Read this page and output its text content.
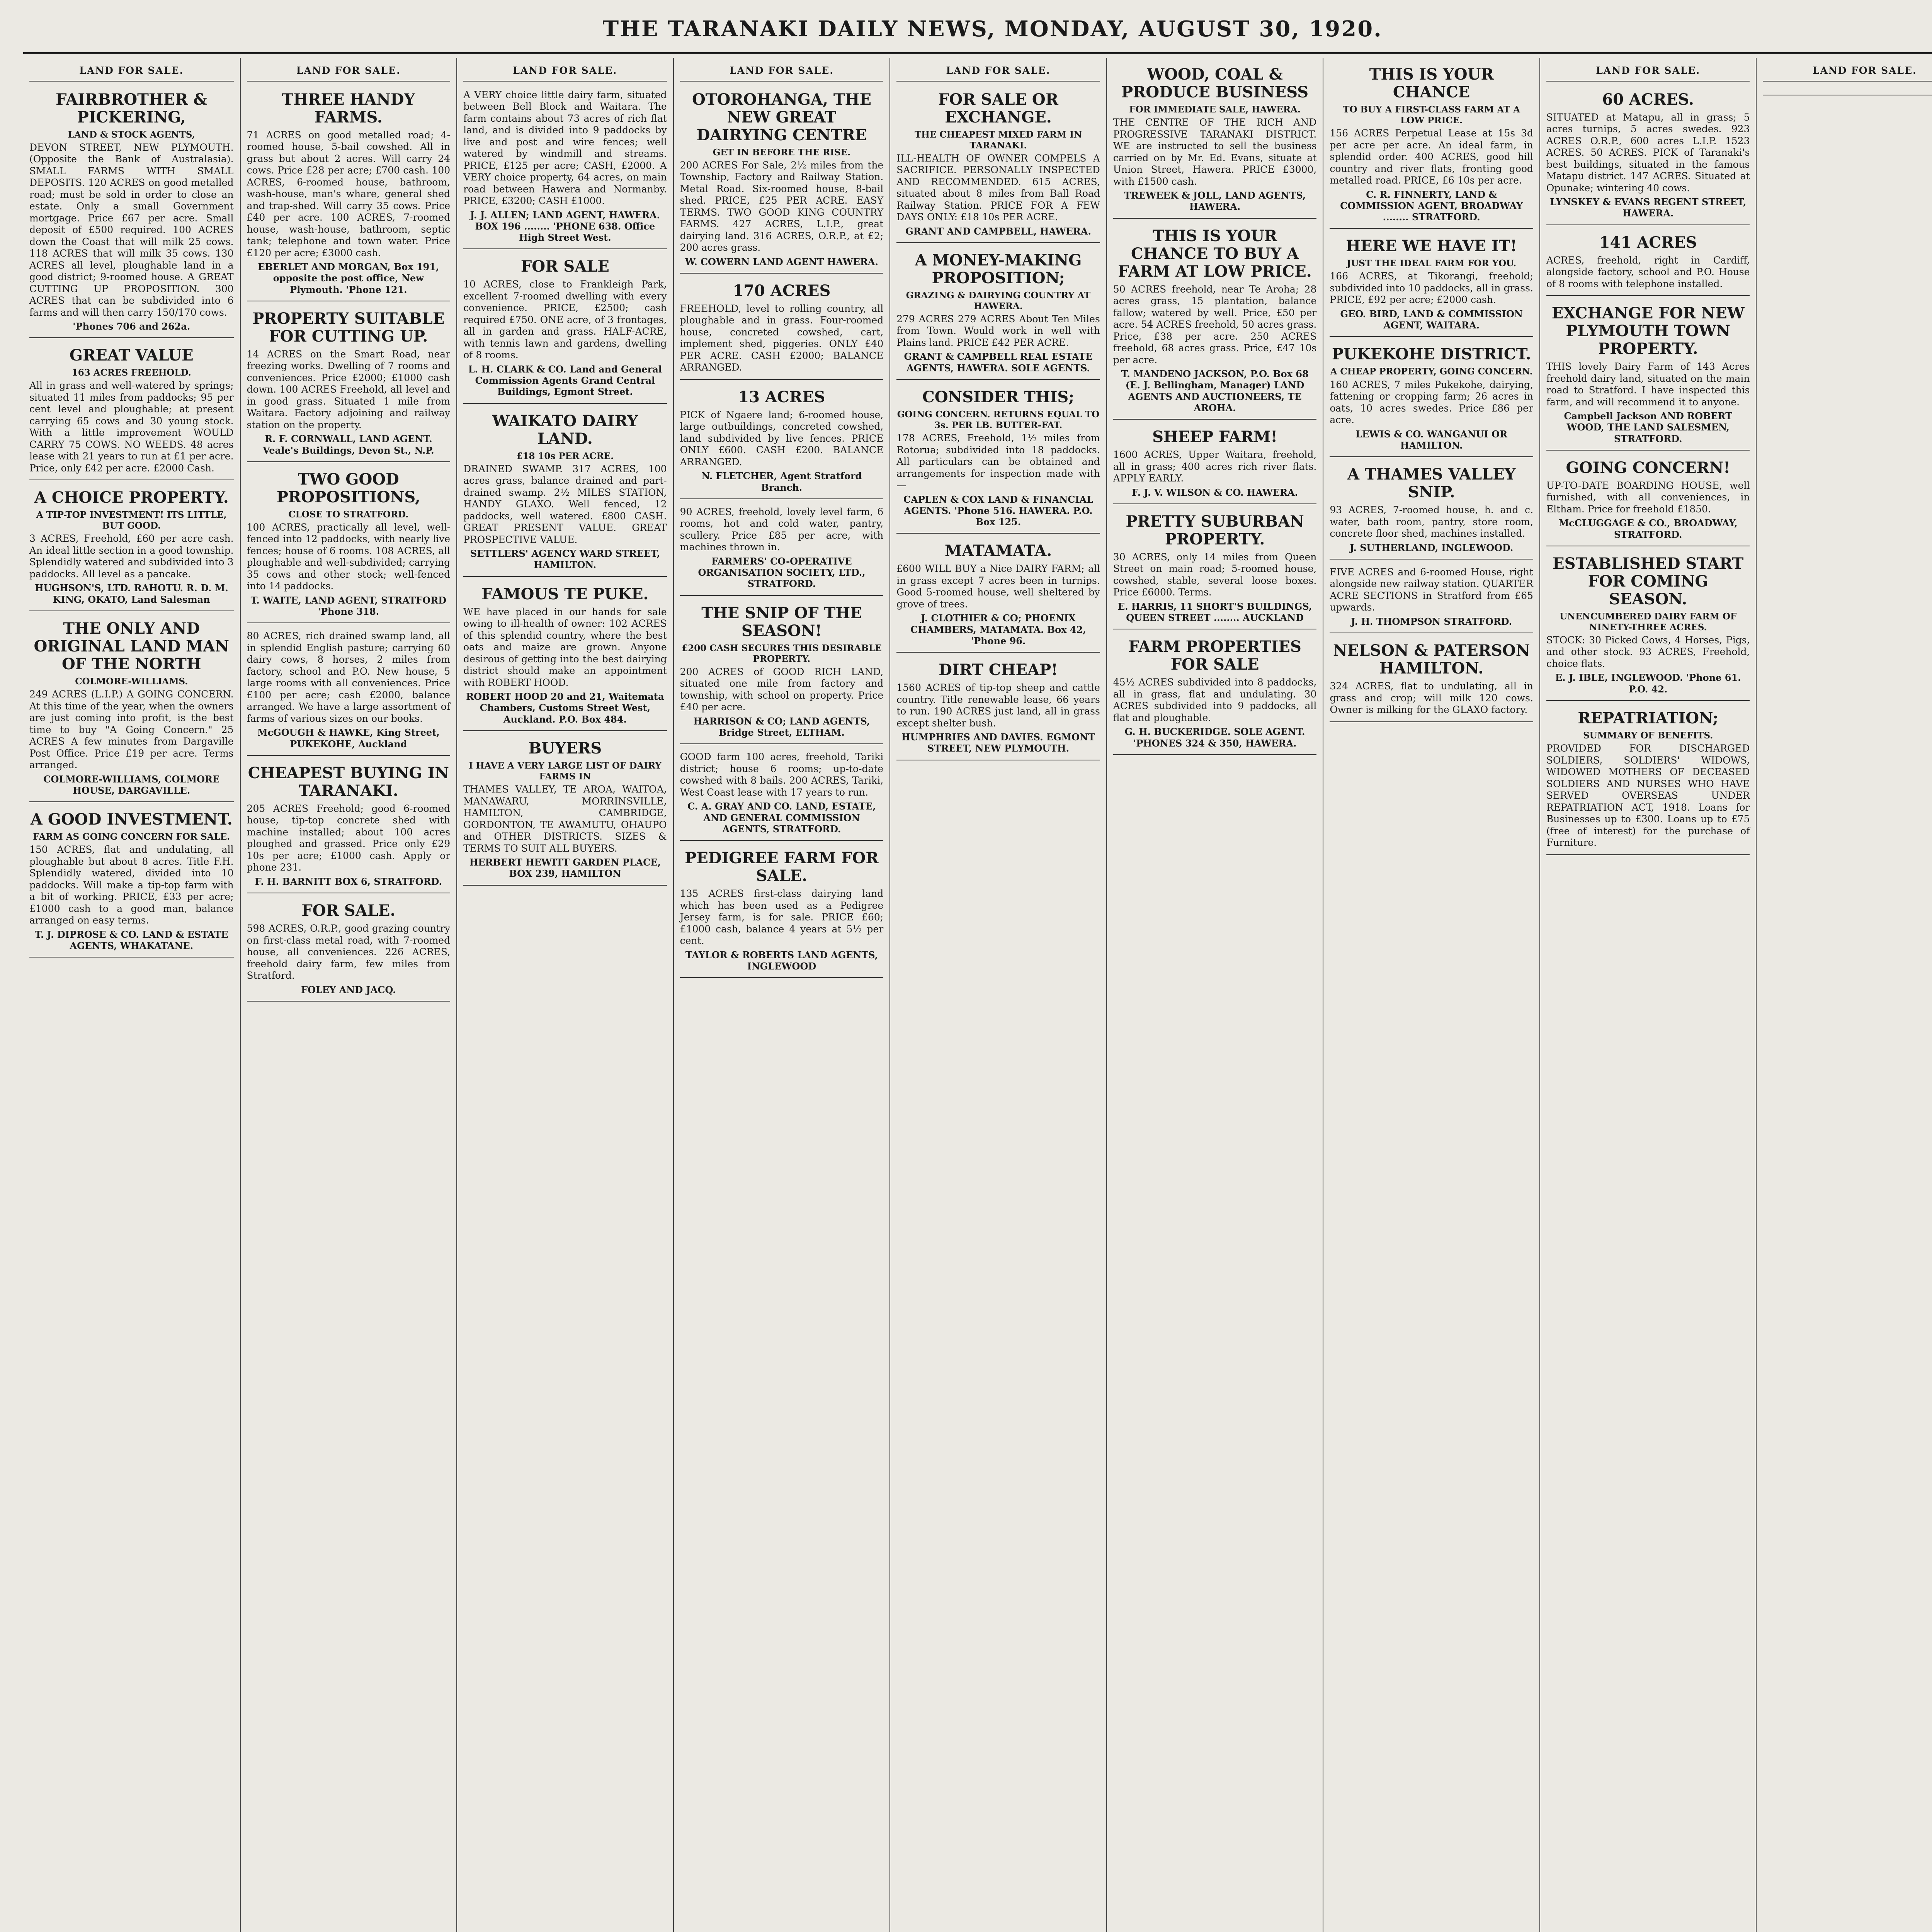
THE TARANAKI DAILY NEWS, MONDAY, AUGUST 30, 1920.
LAND FOR SALE.
FAIRBROTHER & PICKERING,
LAND & STOCK AGENTS,
DEVON STREET, NEW PLYMOUTH. (Opposite the Bank of Australasia). SMALL FARMS WITH SMALL DEPOSITS. 120 ACRES on good metalled road; must be sold in order to close an estate. Only a small Government mortgage. Price £67 per acre. Small deposit of £500 required. 100 ACRES down the Coast that will milk 25 cows. 118 ACRES that will milk 35 cows. 130 ACRES all level, ploughable land in a good district; 9-roomed house. A GREAT CUTTING UP PROPOSITION. 300 ACRES that can be subdivided into 6 farms and will then carry 150/170 cows.
'Phones 706 and 262a.
GREAT VALUE
163 ACRES FREEHOLD.
All in grass and well-watered by springs; situated 11 miles from paddocks; 95 per cent level and ploughable; at present carrying 65 cows and 30 young stock. With a little improvement WOULD CARRY 75 COWS. NO WEEDS. 48 acres lease with 21 years to run at £1 per acre. Price, only £42 per acre. £2000 Cash.
A CHOICE PROPERTY.
A TIP-TOP INVESTMENT! ITS LITTLE, BUT GOOD.
3 ACRES, Freehold, £60 per acre cash. An ideal little section in a good township. Splendidly watered and subdivided into 3 paddocks. All level as a pancake.
HUGHSON'S, LTD. RAHOTU. R. D. M. KING, OKATO, Land Salesman
THE ONLY AND ORIGINAL LAND MAN OF THE NORTH
COLMORE-WILLIAMS.
249 ACRES (L.I.P.) A GOING CONCERN. At this time of the year, when the owners are just coming into profit, is the best time to buy "A Going Concern." 25 ACRES A few minutes from Dargaville Post Office. Price £19 per acre. Terms arranged.
COLMORE-WILLIAMS, COLMORE HOUSE, DARGAVILLE.
A GOOD INVESTMENT.
FARM AS GOING CONCERN FOR SALE.
150 ACRES, flat and undulating, all ploughable but about 8 acres. Title F.H. Splendidly watered, divided into 10 paddocks. Will make a tip-top farm with a bit of working. PRICE, £33 per acre; £1000 cash to a good man, balance arranged on easy terms.
T. J. DIPROSE & CO. LAND & ESTATE AGENTS, WHAKATANE.
LAND FOR SALE.
THREE HANDY FARMS.
71 ACRES on good metalled road; 4-roomed house, 5-bail cowshed. All in grass but about 2 acres. Will carry 24 cows. Price £28 per acre; £700 cash. 100 ACRES, 6-roomed house, bathroom, wash-house, man's whare, general shed and trap-shed. Will carry 35 cows. Price £40 per acre. 100 ACRES, 7-roomed house, wash-house, bathroom, septic tank; telephone and town water. Price £120 per acre; £3000 cash.
EBERLET AND MORGAN, Box 191, opposite the post office, New Plymouth. 'Phone 121.
PROPERTY SUITABLE FOR CUTTING UP.
14 ACRES on the Smart Road, near freezing works. Dwelling of 7 rooms and conveniences. Price £2000; £1000 cash down. 100 ACRES Freehold, all level and in good grass. Situated 1 mile from Waitara. Factory adjoining and railway station on the property.
R. F. CORNWALL, LAND AGENT. Veale's Buildings, Devon St., N.P.
TWO GOOD PROPOSITIONS,
CLOSE TO STRATFORD.
100 ACRES, practically all level, well-fenced into 12 paddocks, with nearly live fences; house of 6 rooms. 108 ACRES, all ploughable and well-subdivided; carrying 35 cows and other stock; well-fenced into 14 paddocks.
T. WAITE, LAND AGENT, STRATFORD 'Phone 318.
80 ACRES, rich drained swamp land, all in splendid English pasture; carrying 60 dairy cows, 8 horses, 2 miles from factory, school and P.O. New house, 5 large rooms with all conveniences. Price £100 per acre; cash £2000, balance arranged. We have a large assortment of farms of various sizes on our books.
McGOUGH & HAWKE, King Street, PUKEKOHE, Auckland
CHEAPEST BUYING IN TARANAKI.
205 ACRES Freehold; good 6-roomed house, tip-top concrete shed with machine installed; about 100 acres ploughed and grassed. Price only £29 10s per acre; £1000 cash. Apply or phone 231.
F. H. BARNITT BOX 6, STRATFORD.
FOR SALE.
598 ACRES, O.R.P., good grazing country on first-class metal road, with 7-roomed house, all conveniences. 226 ACRES, freehold dairy farm, few miles from Stratford.
FOLEY AND JACQ.
LAND FOR SALE.
A VERY choice little dairy farm, situated between Bell Block and Waitara. The farm contains about 73 acres of rich flat land, and is divided into 9 paddocks by live and post and wire fences; well watered by windmill and streams. PRICE, £125 per acre; CASH, £2000. A VERY choice property, 64 acres, on main road between Hawera and Normanby. PRICE, £3200; CASH £1000.
J. J. ALLEN; LAND AGENT, HAWERA. BOX 196 ........ 'PHONE 638. Office High Street West.
FOR SALE
10 ACRES, close to Frankleigh Park, excellent 7-roomed dwelling with every convenience. PRICE, £2500; cash required £750. ONE acre, of 3 frontages, all in garden and grass. HALF-ACRE, with tennis lawn and gardens, dwelling of 8 rooms.
L. H. CLARK & CO. Land and General Commission Agents Grand Central Buildings, Egmont Street.
WAIKATO DAIRY LAND.
£18 10s PER ACRE.
DRAINED SWAMP. 317 ACRES, 100 acres grass, balance drained and part-drained swamp. 2½ MILES STATION, HANDY GLAXO. Well fenced, 12 paddocks, well watered. £800 CASH. GREAT PRESENT VALUE. GREAT PROSPECTIVE VALUE.
SETTLERS' AGENCY WARD STREET, HAMILTON.
FAMOUS TE PUKE.
WE have placed in our hands for sale owing to ill-health of owner: 102 ACRES of this splendid country, where the best oats and maize are grown. Anyone desirous of getting into the best dairying district should make an appointment with ROBERT HOOD.
ROBERT HOOD 20 and 21, Waitemata Chambers, Customs Street West, Auckland. P.O. Box 484.
BUYERS
I HAVE A VERY LARGE LIST OF DAIRY FARMS IN
THAMES VALLEY, TE AROA, WAITOA, MANAWARU, MORRINSVILLE, HAMILTON, CAMBRIDGE, GORDONTON, TE AWAMUTU, OHAUPO and OTHER DISTRICTS. SIZES & TERMS TO SUIT ALL BUYERS.
HERBERT HEWITT GARDEN PLACE, BOX 239, HAMILTON
LAND FOR SALE.
OTOROHANGA, THE NEW GREAT DAIRYING CENTRE
GET IN BEFORE THE RISE.
200 ACRES For Sale, 2½ miles from the Township, Factory and Railway Station. Metal Road. Six-roomed house, 8-bail shed. PRICE, £25 PER ACRE. EASY TERMS. TWO GOOD KING COUNTRY FARMS. 427 ACRES, L.I.P., great dairying land. 316 ACRES, O.R.P., at £2; 200 acres grass.
W. COWERN LAND AGENT HAWERA.
170 ACRES
FREEHOLD, level to rolling country, all ploughable and in grass. Four-roomed house, concreted cowshed, cart, implement shed, piggeries. ONLY £40 PER ACRE. CASH £2000; BALANCE ARRANGED.
13 ACRES
PICK of Ngaere land; 6-roomed house, large outbuildings, concreted cowshed, land subdivided by live fences. PRICE ONLY £600. CASH £200. BALANCE ARRANGED.
N. FLETCHER, Agent Stratford Branch.
90 ACRES, freehold, lovely level farm, 6 rooms, hot and cold water, pantry, scullery. Price £85 per acre, with machines thrown in.
FARMERS' CO-OPERATIVE ORGANISATION SOCIETY, LTD., STRATFORD.
THE SNIP OF THE SEASON!
£200 CASH SECURES THIS DESIRABLE PROPERTY.
200 ACRES of GOOD RICH LAND, situated one mile from factory and township, with school on property. Price £40 per acre.
HARRISON & CO; LAND AGENTS, Bridge Street, ELTHAM.
GOOD farm 100 acres, freehold, Tariki district; house 6 rooms; up-to-date cowshed with 8 bails. 200 ACRES, Tariki, West Coast lease with 17 years to run.
C. A. GRAY AND CO. LAND, ESTATE, AND GENERAL COMMISSION AGENTS, STRATFORD.
PEDIGREE FARM FOR SALE.
135 ACRES first-class dairying land which has been used as a Pedigree Jersey farm, is for sale. PRICE £60; £1000 cash, balance 4 years at 5½ per cent.
TAYLOR & ROBERTS LAND AGENTS, INGLEWOOD
LAND FOR SALE.
FOR SALE OR EXCHANGE.
THE CHEAPEST MIXED FARM IN TARANAKI.
ILL-HEALTH OF OWNER COMPELS A SACRIFICE. PERSONALLY INSPECTED AND RECOMMENDED. 615 ACRES, situated about 8 miles from Ball Road Railway Station. PRICE FOR A FEW DAYS ONLY: £18 10s PER ACRE.
GRANT AND CAMPBELL, HAWERA.
A MONEY-MAKING PROPOSITION;
GRAZING & DAIRYING COUNTRY AT HAWERA.
279 ACRES 279 ACRES About Ten Miles from Town. Would work in well with Plains land. PRICE £42 PER ACRE.
GRANT & CAMPBELL REAL ESTATE AGENTS, HAWERA. SOLE AGENTS.
CONSIDER THIS;
GOING CONCERN. RETURNS EQUAL TO 3s. PER LB. BUTTER-FAT.
178 ACRES, Freehold, 1½ miles from Rotorua; subdivided into 18 paddocks. All particulars can be obtained and arrangements for inspection made with—
CAPLEN & COX LAND & FINANCIAL AGENTS. 'Phone 516. HAWERA. P.O. Box 125.
MATAMATA.
£600 WILL BUY a Nice DAIRY FARM; all in grass except 7 acres been in turnips. Good 5-roomed house, well sheltered by grove of trees.
J. CLOTHIER & CO; PHOENIX CHAMBERS, MATAMATA. Box 42, 'Phone 96.
DIRT CHEAP!
1560 ACRES of tip-top sheep and cattle country. Title renewable lease, 66 years to run. 190 ACRES just land, all in grass except shelter bush.
HUMPHRIES AND DAVIES. EGMONT STREET, NEW PLYMOUTH.
WOOD, COAL & PRODUCE BUSINESS
FOR IMMEDIATE SALE, HAWERA.
THE CENTRE OF THE RICH AND PROGRESSIVE TARANAKI DISTRICT. WE are instructed to sell the business carried on by Mr. Ed. Evans, situate at Union Street, Hawera. PRICE £3000, with £1500 cash.
TREWEEK & JOLL, LAND AGENTS, HAWERA.
THIS IS YOUR CHANCE TO BUY A FARM AT LOW PRICE.
50 ACRES freehold, near Te Aroha; 28 acres grass, 15 plantation, balance fallow; watered by well. Price, £50 per acre. 54 ACRES freehold, 50 acres grass. Price, £38 per acre. 250 ACRES freehold, 68 acres grass. Price, £47 10s per acre.
T. MANDENO JACKSON, P.O. Box 68 (E. J. Bellingham, Manager) LAND AGENTS AND AUCTIONEERS, TE AROHA.
SHEEP FARM!
1600 ACRES, Upper Waitara, freehold, all in grass; 400 acres rich river flats. APPLY EARLY.
F. J. V. WILSON & CO. HAWERA.
PRETTY SUBURBAN PROPERTY.
30 ACRES, only 14 miles from Queen Street on main road; 5-roomed house, cowshed, stable, several loose boxes. Price £6000. Terms.
E. HARRIS, 11 SHORT'S BUILDINGS, QUEEN STREET ........ AUCKLAND
FARM PROPERTIES FOR SALE
45½ ACRES subdivided into 8 paddocks, all in grass, flat and undulating. 30 ACRES subdivided into 9 paddocks, all flat and ploughable.
G. H. BUCKERIDGE. SOLE AGENT. 'PHONES 324 & 350, HAWERA.
THIS IS YOUR CHANCE
TO BUY A FIRST-CLASS FARM AT A LOW PRICE.
156 ACRES Perpetual Lease at 15s 3d per acre per acre. An ideal farm, in splendid order. 400 ACRES, good hill country and river flats, fronting good metalled road. PRICE, £6 10s per acre.
C. R. FINNERTY, LAND & COMMISSION AGENT, BROADWAY ........ STRATFORD.
HERE WE HAVE IT!
JUST THE IDEAL FARM FOR YOU.
166 ACRES, at Tikorangi, freehold; subdivided into 10 paddocks, all in grass. PRICE, £92 per acre; £2000 cash.
GEO. BIRD, LAND & COMMISSION AGENT, WAITARA.
PUKEKOHE DISTRICT.
A CHEAP PROPERTY, GOING CONCERN.
160 ACRES, 7 miles Pukekohe, dairying, fattening or cropping farm; 26 acres in oats, 10 acres swedes. Price £86 per acre.
LEWIS & CO. WANGANUI OR HAMILTON.
A THAMES VALLEY SNIP.
93 ACRES, 7-roomed house, h. and c. water, bath room, pantry, store room, concrete floor shed, machines installed.
J. SUTHERLAND, INGLEWOOD.
FIVE ACRES and 6-roomed House, right alongside new railway station. QUARTER ACRE SECTIONS in Stratford from £65 upwards.
J. H. THOMPSON STRATFORD.
NELSON & PATERSON HAMILTON.
324 ACRES, flat to undulating, all in grass and crop; will milk 120 cows. Owner is milking for the GLAXO factory.
LAND FOR SALE.
60 ACRES.
SITUATED at Matapu, all in grass; 5 acres turnips, 5 acres swedes. 923 ACRES O.R.P., 600 acres L.I.P. 1523 ACRES. 50 ACRES. PICK of Taranaki's best buildings, situated in the famous Matapu district. 147 ACRES. Situated at Opunake; wintering 40 cows.
LYNSKEY & EVANS REGENT STREET, HAWERA.
141 ACRES
ACRES, freehold, right in Cardiff, alongside factory, school and P.O. House of 8 rooms with telephone installed.
EXCHANGE FOR NEW PLYMOUTH TOWN PROPERTY.
THIS lovely Dairy Farm of 143 Acres freehold dairy land, situated on the main road to Stratford. I have inspected this farm, and will recommend it to anyone.
Campbell Jackson AND ROBERT WOOD, THE LAND SALESMEN, STRATFORD.
GOING CONCERN!
UP-TO-DATE BOARDING HOUSE, well furnished, with all conveniences, in Eltham. Price for freehold £1850.
McCLUGGAGE & CO., BROADWAY, STRATFORD.
ESTABLISHED START FOR COMING SEASON.
UNENCUMBERED DAIRY FARM OF NINETY-THREE ACRES.
STOCK: 30 Picked Cows, 4 Horses, Pigs, and other stock. 93 ACRES, Freehold, choice flats.
E. J. IBLE, INGLEWOOD. 'Phone 61. P.O. 42.
REPATRIATION;
SUMMARY OF BENEFITS.
PROVIDED FOR DISCHARGED SOLDIERS, SOLDIERS' WIDOWS, WIDOWED MOTHERS OF DECEASED SOLDIERS AND NURSES WHO HAVE SERVED OVERSEAS UNDER REPATRIATION ACT, 1918. Loans for Businesses up to £300. Loans up to £75 (free of interest) for the purchase of Furniture.
LAND FOR SALE.
